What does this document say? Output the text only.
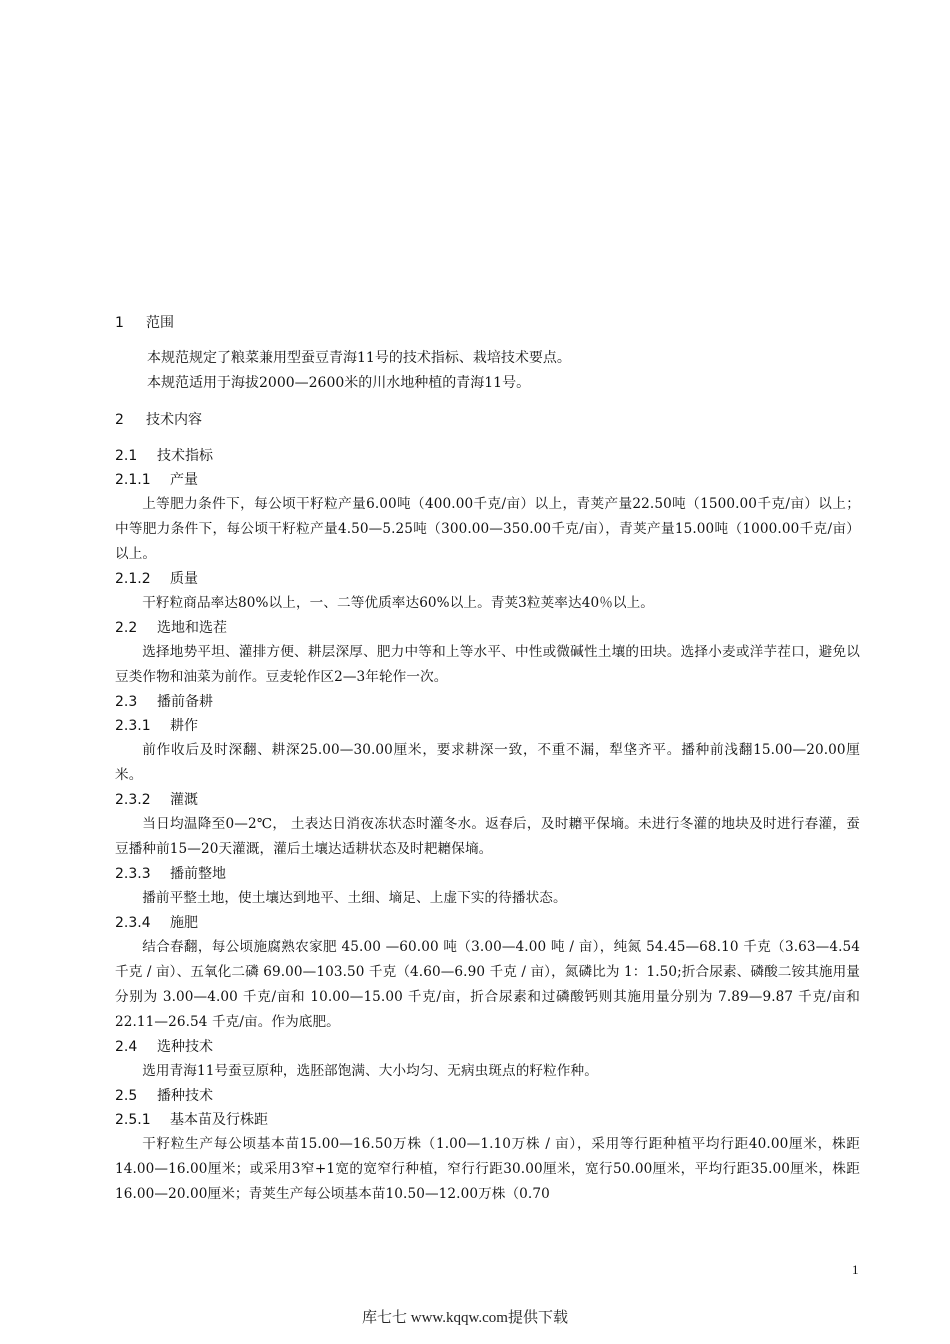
1	范围

本规范规定了粮菜兼用型蚕豆青海11号的技术指标、栽培技术要点。

本规范适用于海拔2000—2600米的川水地种植的青海11号。

2	技术内容
2.1	技术指标
2.1.1	产量

上等肥力条件下，每公顷干籽粒产量6.00吨（400.00千克/亩）以上，青荚产量22.50吨（1500.00千克/亩）以上；中等肥力条件下，每公顷干籽粒产量4.50—5.25吨（300.00—350.00千克/亩），青荚产量15.00吨（1000.00千克/亩）以上。

2.1.2	质量

干籽粒商品率达80%以上，一、二等优质率达60%以上。青荚3粒荚率达40％以上。

2.2	选地和选茬

选择地势平坦、灌排方便、耕层深厚、肥力中等和上等水平、中性或微碱性土壤的田块。选择小麦或洋芋茬口，避免以豆类作物和油菜为前作。豆麦轮作区2—3年轮作一次。

2.3	播前备耕
2.3.1	耕作

前作收后及时深翻、耕深25.00—30.00厘米，要求耕深一致，不重不漏，犁垡齐平。播种前浅翻15.00—20.00厘米。

2.3.2	灌溉

当日均温降至0—2℃， 土表达日消夜冻状态时灌冬水。返春后，及时耱平保墒。未进行冬灌的地块及时进行春灌，蚕豆播种前15—20天灌溉，灌后土壤达适耕状态及时耙耱保墒。

2.3.3	播前整地

播前平整土地，使土壤达到地平、土细、墒足、上虚下实的待播状态。

2.3.4	施肥

结合春翻，每公顷施腐熟农家肥 45.00 —60.00 吨（3.00—4.00 吨 / 亩），纯氮 54.45—68.10 千克（3.63—4.54 千克 / 亩）、五氧化二磷 69.00—103.50 千克（4.60—6.90 千克 / 亩），氮磷比为 1：1.50;折合尿素、磷酸二铵其施用量分别为 3.00—4.00 千克/亩和 10.00—15.00 千克/亩，折合尿素和过磷酸钙则其施用量分别为 7.89—9.87 千克/亩和 22.11—26.54 千克/亩。作为底肥。

2.4	选种技术

选用青海11号蚕豆原种，选胚部饱满、大小均匀、无病虫斑点的籽粒作种。

2.5	播种技术
2.5.1	基本苗及行株距

干籽粒生产每公顷基本苗15.00—16.50万株（1.00—1.10万株 / 亩），采用等行距种植平均行距40.00厘米，株距14.00—16.00厘米；或采用3窄+1宽的宽窄行种植，窄行行距30.00厘米，宽行50.00厘米，平均行距35.00厘米，株距16.00—20.00厘米；青荚生产每公顷基本苗10.50—12.00万株（0.70

1
库七七 www.kqqw.com提供下载
